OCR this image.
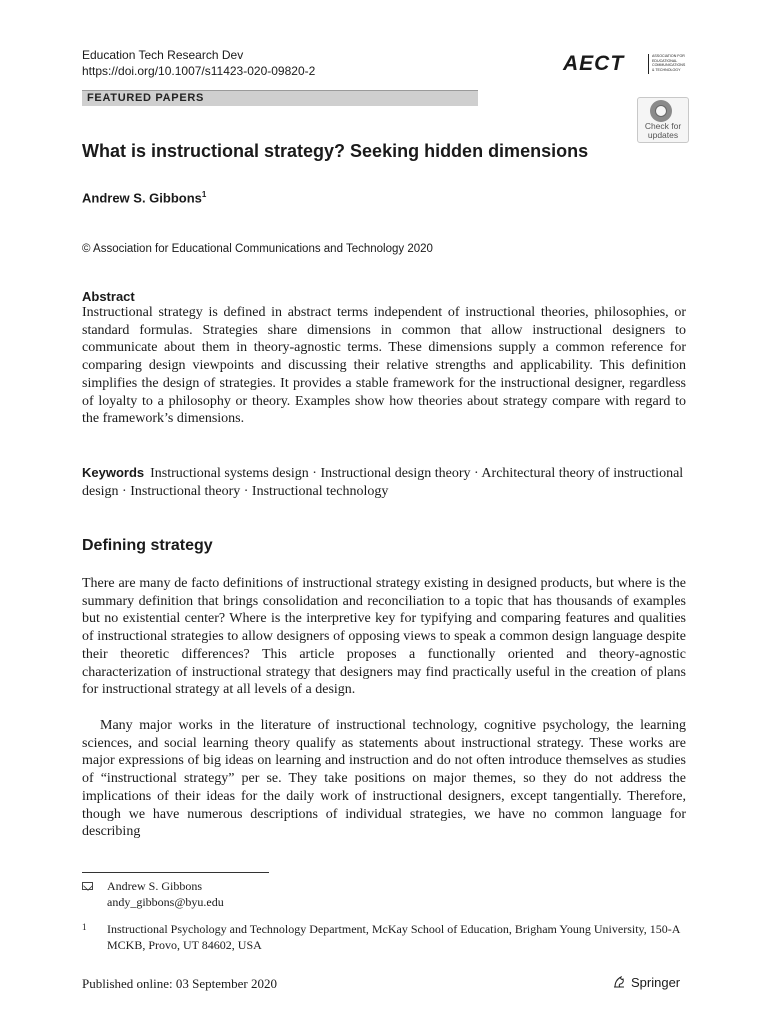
Education Tech Research Dev
https://doi.org/10.1007/s11423-020-09820-2	AECT	ASSOCIATION FOR EDUCATIONAL COMMUNICATIONS & TECHNOLOGY
FEATURED PAPERS
Check for
updates
What is instructional strategy? Seeking hidden dimensions
Andrew S. Gibbons$^1$
© Association for Educational Communications and Technology 2020
Abstract
Instructional strategy is defined in abstract terms independent of instructional theories, philosophies, or standard formulas. Strategies share dimensions in common that allow instructional designers to communicate about them in theory-agnostic terms. These dimensions supply a common reference for comparing design viewpoints and discussing their relative strengths and applicability. This definition simplifies the design of strategies. It provides a stable framework for the instructional designer, regardless of loyalty to a philosophy or theory. Examples show how theories about strategy compare with regard to the framework’s dimensions.
Keywords Instructional systems design · Instructional design theory · Architectural theory of instructional design · Instructional theory · Instructional technology
Defining strategy
There are many de facto definitions of instructional strategy existing in designed products, but where is the summary definition that brings consolidation and reconciliation to a topic that has thousands of examples but no existential center? Where is the interpretive key for typifying and comparing features and qualities of instructional strategies to allow designers of opposing views to speak a common design language despite their theoretic differences? This article proposes a functionally oriented and theory-agnostic characterization of instructional strategy that designers may find practically useful in the creation of plans for instructional strategy at all levels of a design.
Many major works in the literature of instructional technology, cognitive psychology, the learning sciences, and social learning theory qualify as statements about instructional strategy. These works are major expressions of big ideas on learning and instruction and do not often introduce themselves as studies of “instructional strategy” per se. They take positions on major themes, so they do not address the implications of their ideas for the daily work of instructional designers, except tangentially. Therefore, though we have numerous descriptions of individual strategies, we have no common language for describing
Andrew S. Gibbons
andy_gibbons@byu.edu
1 Instructional Psychology and Technology Department, McKay School of Education, Brigham Young University, 150-A MCKB, Provo, UT 84602, USA
Published online: 03 September 2020	Springer
